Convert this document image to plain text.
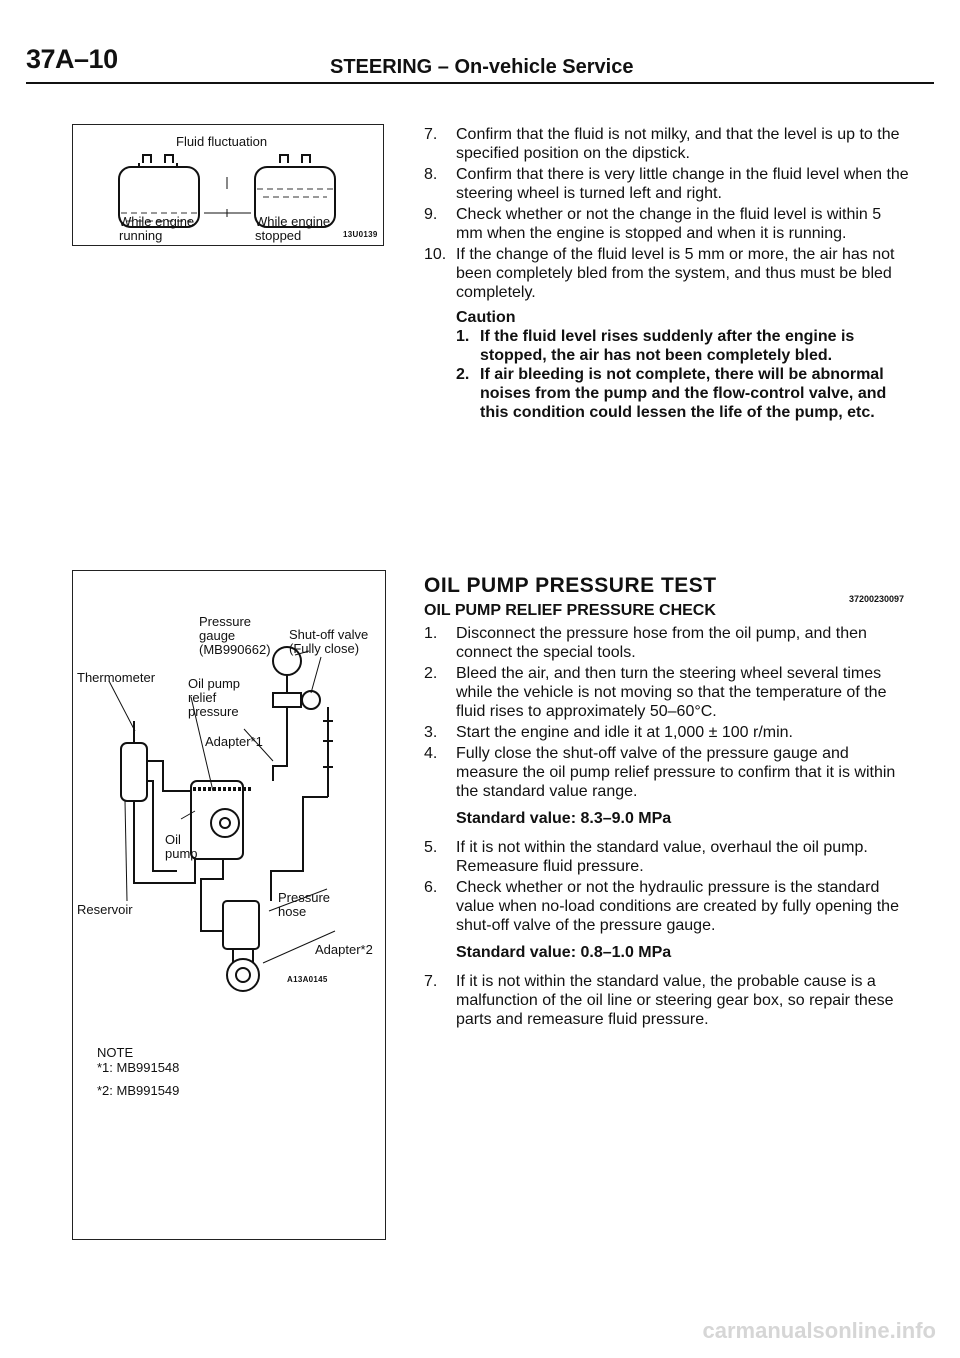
37A–10	STEERING – On-vehicle Service
Fluid fluctuation
While engine
running
While engine
stopped	13U0139
Pressure
gauge
(MB990662)
Shut-off valve
(Fully close)
Thermometer	Oil pump
relief
pressure
Adapter*1
Oil
pump
Reservoir
Pressure
hose
Adapter*2
A13A0145
NOTE
*1: MB991548
*2: MB991549
7. Confirm that the fluid is not milky, and that the level is up to the specified position on the dipstick.
8. Confirm that there is very little change in the fluid level when the steering wheel is turned left and right.
9. Check whether or not the change in the fluid level is within 5 mm when the engine is stopped and when it is running.
10. If the change of the fluid level is 5 mm or more, the air has not been completely bled from the system, and thus must be bled completely.
Caution
1. If the fluid level rises suddenly after the engine is stopped, the air has not been completely bled.
2. If air bleeding is not complete, there will be abnormal noises from the pump and the flow-control valve, and this condition could lessen the life of the pump, etc.
OIL PUMP PRESSURE TEST
37200230097
OIL PUMP RELIEF PRESSURE CHECK
1. Disconnect the pressure hose from the oil pump, and then connect the special tools.
2. Bleed the air, and then turn the steering wheel several times while the vehicle is not moving so that the temperature of the fluid rises to approximately 50–60°C.
3. Start the engine and idle it at 1,000 ± 100 r/min.
4. Fully close the shut-off valve of the pressure gauge and measure the oil pump relief pressure to confirm that it is within the standard value range.
Standard value: 8.3–9.0 MPa
5. If it is not within the standard value, overhaul the oil pump. Remeasure fluid pressure.
6. Check whether or not the hydraulic pressure is the standard value when no-load conditions are created by fully opening the shut-off valve of the pressure gauge.
Standard value: 0.8–1.0 MPa
7. If it is not within the standard value, the probable cause is a malfunction of the oil line or steering gear box, so repair these parts and remeasure fluid pressure.
carmanualsonline.info
